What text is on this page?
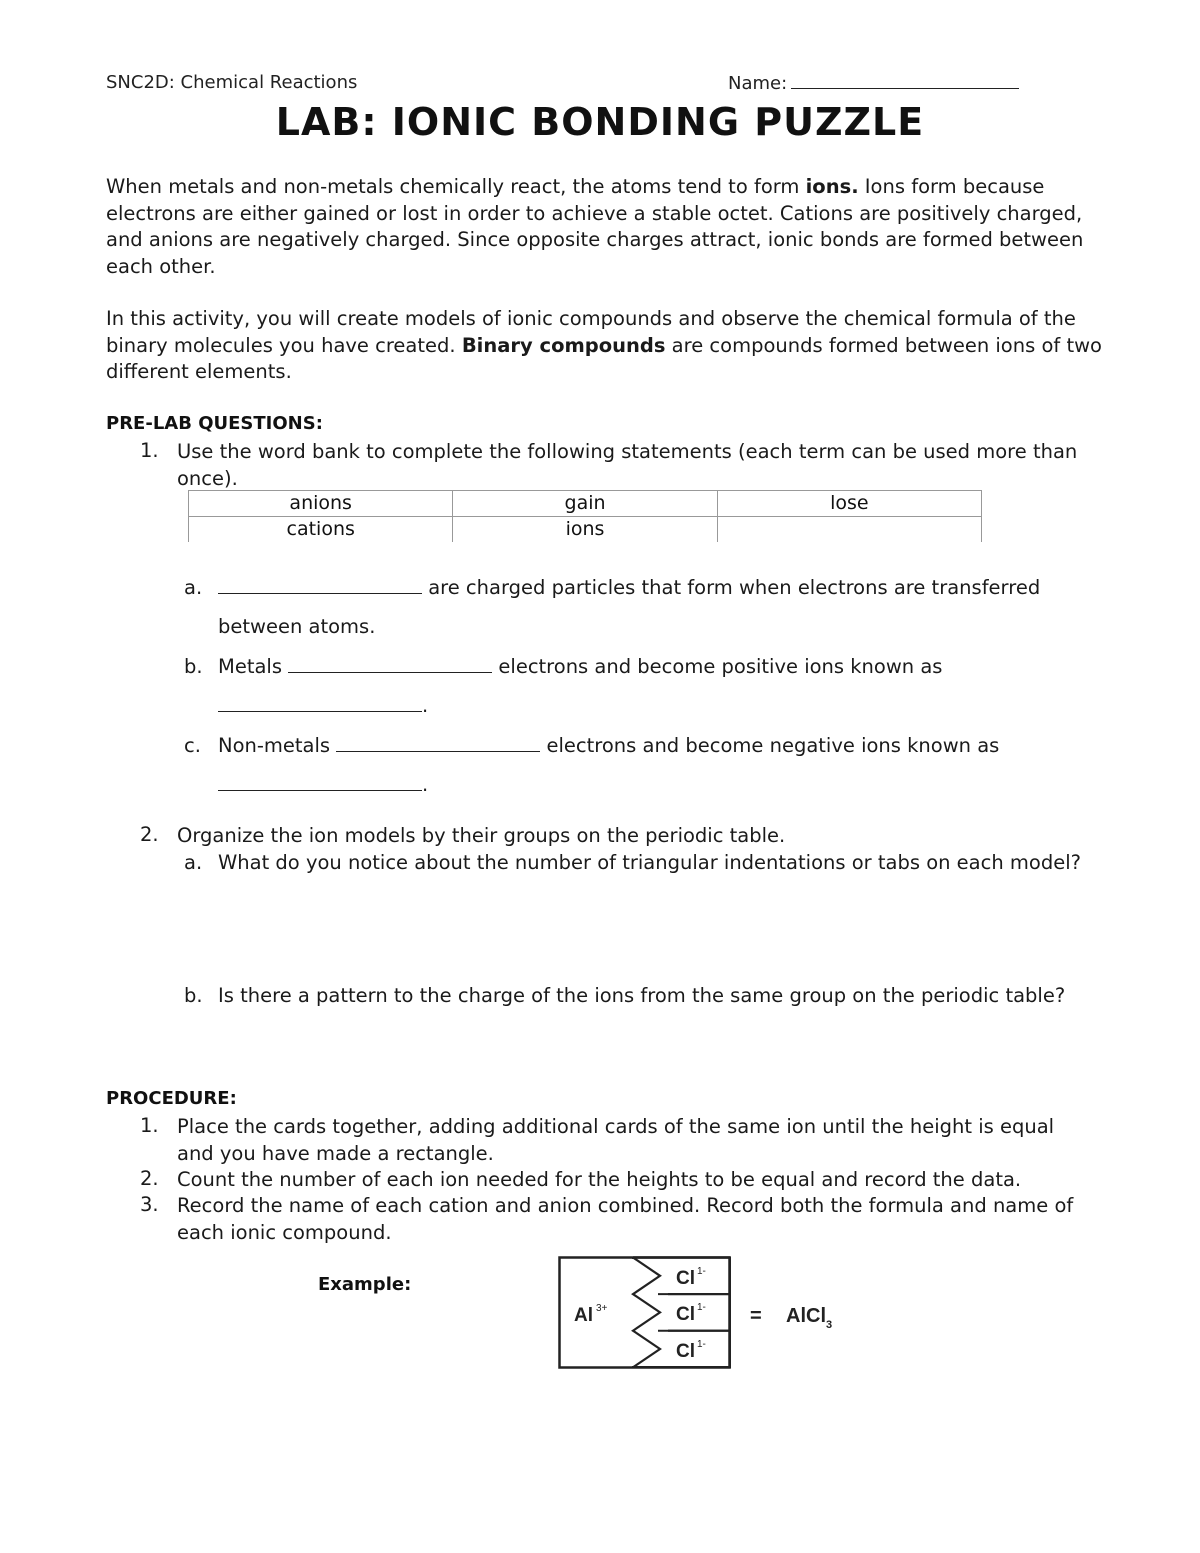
SNC2D: Chemical Reactions	Name:
LAB: IONIC BONDING PUZZLE
When metals and non-metals chemically react, the atoms tend to form ions. Ions form because electrons are either gained or lost in order to achieve a stable octet. Cations are positively charged, and anions are negatively charged. Since opposite charges attract, ionic bonds are formed between each other.
In this activity, you will create models of ionic compounds and observe the chemical formula of the binary molecules you have created. Binary compounds are compounds formed between ions of two different elements.
PRE-LAB QUESTIONS:
1. Use the word bank to complete the following statements (each term can be used more than once).
anions	gain	lose
cations	ions	
a.	are charged particles that form when electrons are transferred
between atoms.
b. Metals	electrons and become positive ions known as
.
c. Non-metals	electrons and become negative ions known as
.
2. Organize the ion models by their groups on the periodic table.
a. What do you notice about the number of triangular indentations or tabs on each model?
b. Is there a pattern to the charge of the ions from the same group on the periodic table?
PROCEDURE:
1. Place the cards together, adding additional cards of the same ion until the height is equal and you have made a rectangle.
2. Count the number of each ion needed for the heights to be equal and record the data.
3. Record the name of each cation and anion combined. Record both the formula and name of each ionic compound.
Example:
Al 3+
Cl 1-
Cl 1-
Cl 1-
= AlCl 3
